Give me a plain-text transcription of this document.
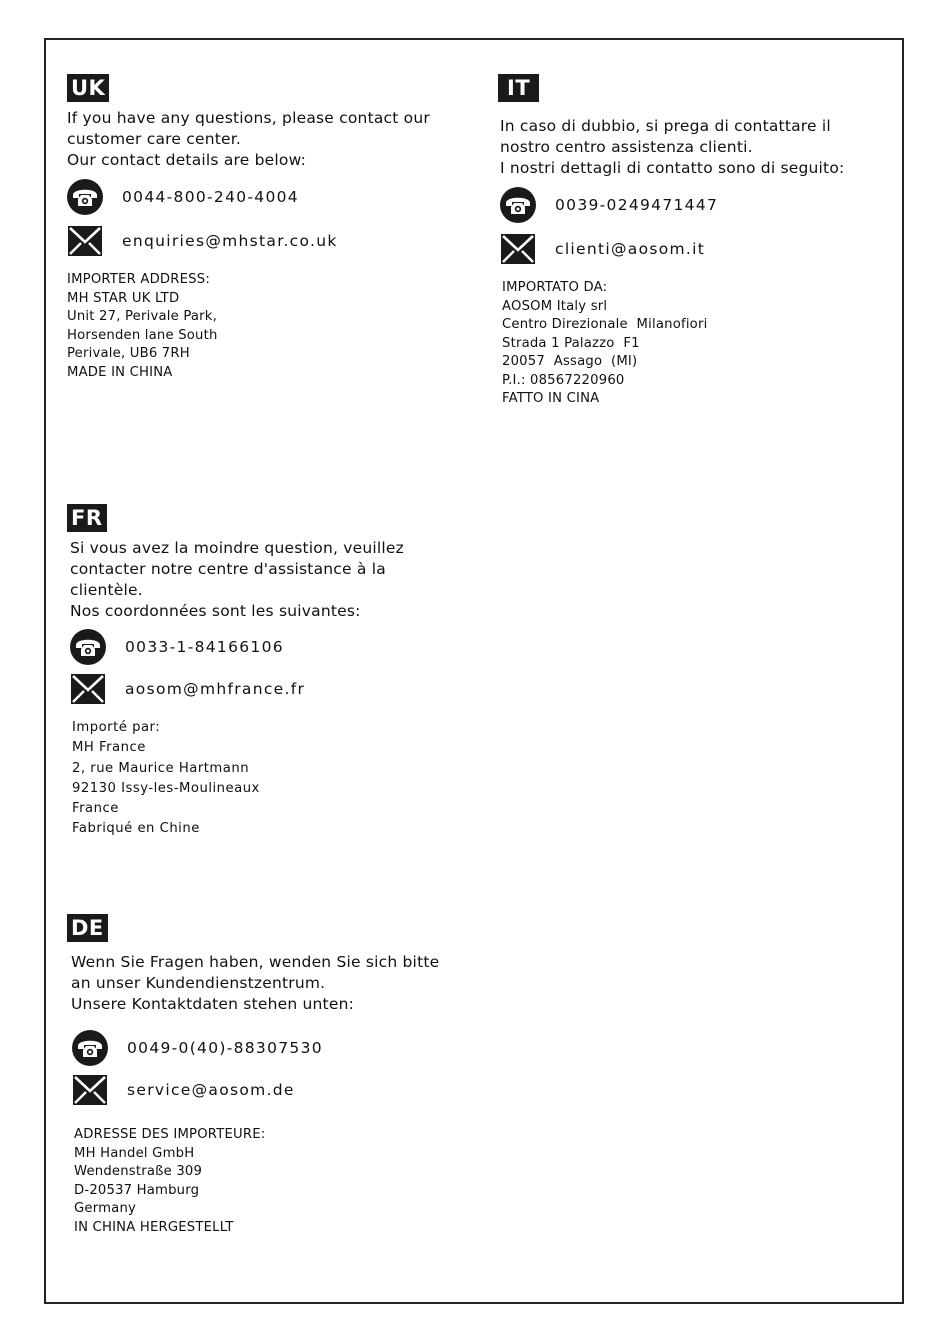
UK

If you have any questions, please contact our

customer care center.

Our contact details are below:

0044-800-240-4004
enquiries@mhstar.co.uk
IMPORTER ADDRESS:
MH STAR UK LTD
Unit 27, Perivale Park,
Horsenden lane South
Perivale, UB6 7RH
MADE IN CHINA
IT

In caso di dubbio, si prega di contattare il

nostro centro assistenza clienti.

I nostri dettagli di contatto sono di seguito:

0039-0249471447
clienti@aosom.it
IMPORTATO DA:
AOSOM Italy srl
Centro Direzionale  Milanofiori
Strada 1 Palazzo  F1
20057  Assago  (MI)
P.I.: 08567220960
FATTO IN CINA
FR

Si vous avez la moindre question, veuillez

contacter notre centre d'assistance à la

clientèle.

Nos coordonnées sont les suivantes:

0033-1-84166106
aosom@mhfrance.fr
Importé par:
MH France
2, rue Maurice Hartmann
92130 Issy-les-Moulineaux
France
Fabriqué en Chine
DE

Wenn Sie Fragen haben, wenden Sie sich bitte

an unser Kundendienstzentrum.

Unsere Kontaktdaten stehen unten:

0049-0(40)-88307530
service@aosom.de
ADRESSE DES IMPORTEURE:
MH Handel GmbH
Wendenstraße 309
D-20537 Hamburg
Germany
IN CHINA HERGESTELLT
